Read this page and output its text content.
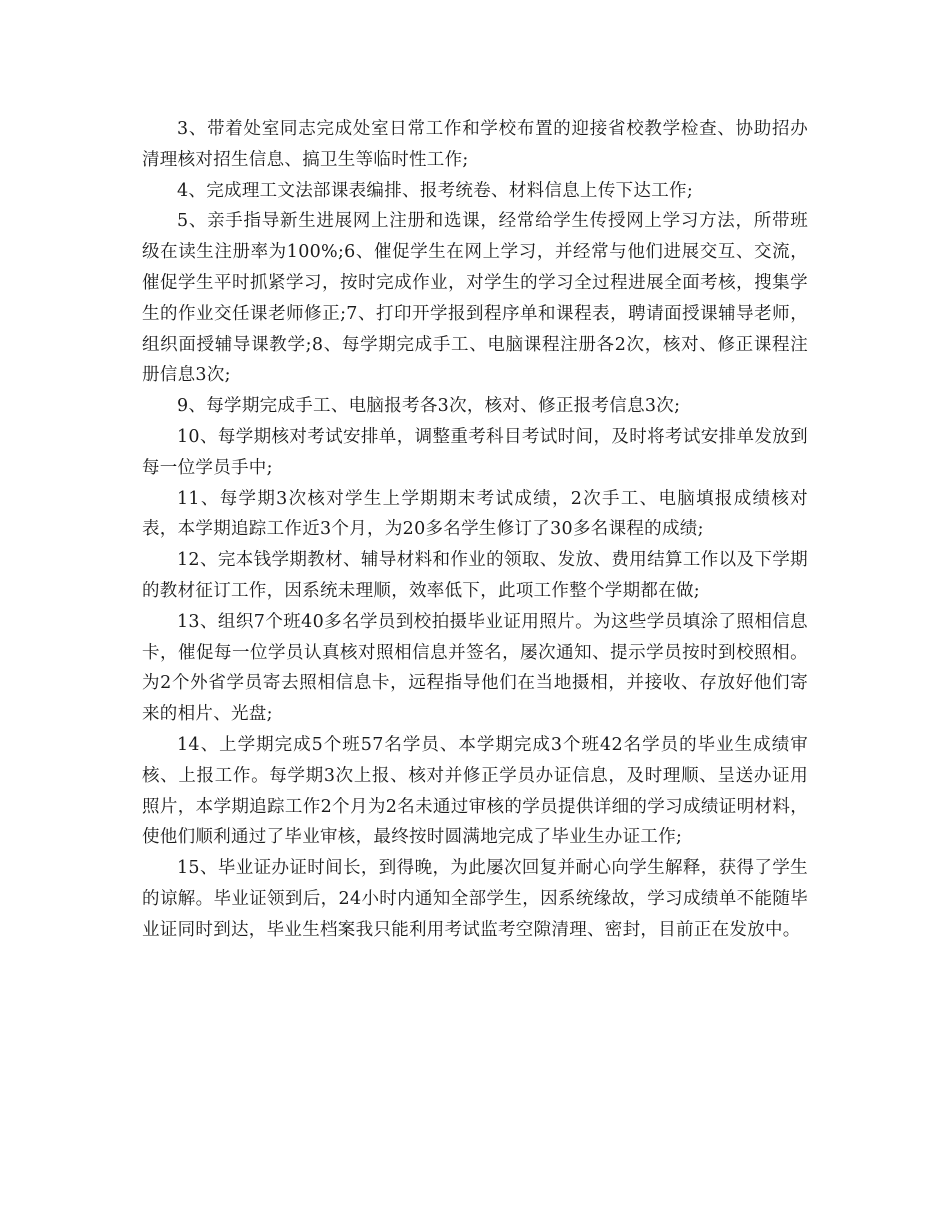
3、带着处室同志完成处室日常工作和学校布置的迎接省校教学检查、协助招办清理核对招生信息、搞卫生等临时性工作;

4、完成理工文法部课表编排、报考统卷、材料信息上传下达工作;

5、亲手指导新生进展网上注册和选课，经常给学生传授网上学习方法，所带班级在读生注册率为100%;6、催促学生在网上学习，并经常与他们进展交互、交流，催促学生平时抓紧学习，按时完成作业，对学生的学习全过程进展全面考核，搜集学生的作业交任课老师修正;7、打印开学报到程序单和课程表，聘请面授课辅导老师，组织面授辅导课教学;8、每学期完成手工、电脑课程注册各2次，核对、修正课程注册信息3次;

9、每学期完成手工、电脑报考各3次，核对、修正报考信息3次;

10、每学期核对考试安排单，调整重考科目考试时间，及时将考试安排单发放到每一位学员手中;

11、每学期3次核对学生上学期期末考试成绩，2次手工、电脑填报成绩核对表，本学期追踪工作近3个月，为20多名学生修订了30多名课程的成绩;

12、完本钱学期教材、辅导材料和作业的领取、发放、费用结算工作以及下学期的教材征订工作，因系统未理顺，效率低下，此项工作整个学期都在做;

13、组织7个班40多名学员到校拍摄毕业证用照片。为这些学员填涂了照相信息卡，催促每一位学员认真核对照相信息并签名，屡次通知、提示学员按时到校照相。为2个外省学员寄去照相信息卡，远程指导他们在当地摄相，并接收、存放好他们寄来的相片、光盘;

14、上学期完成5个班57名学员、本学期完成3个班42名学员的毕业生成绩审核、上报工作。每学期3次上报、核对并修正学员办证信息，及时理顺、呈送办证用照片，本学期追踪工作2个月为2名未通过审核的学员提供详细的学习成绩证明材料，使他们顺利通过了毕业审核，最终按时圆满地完成了毕业生办证工作;

15、毕业证办证时间长，到得晚，为此屡次回复并耐心向学生解释，获得了学生的谅解。毕业证领到后，24小时内通知全部学生，因系统缘故，学习成绩单不能随毕业证同时到达，毕业生档案我只能利用考试监考空隙清理、密封，目前正在发放中。
